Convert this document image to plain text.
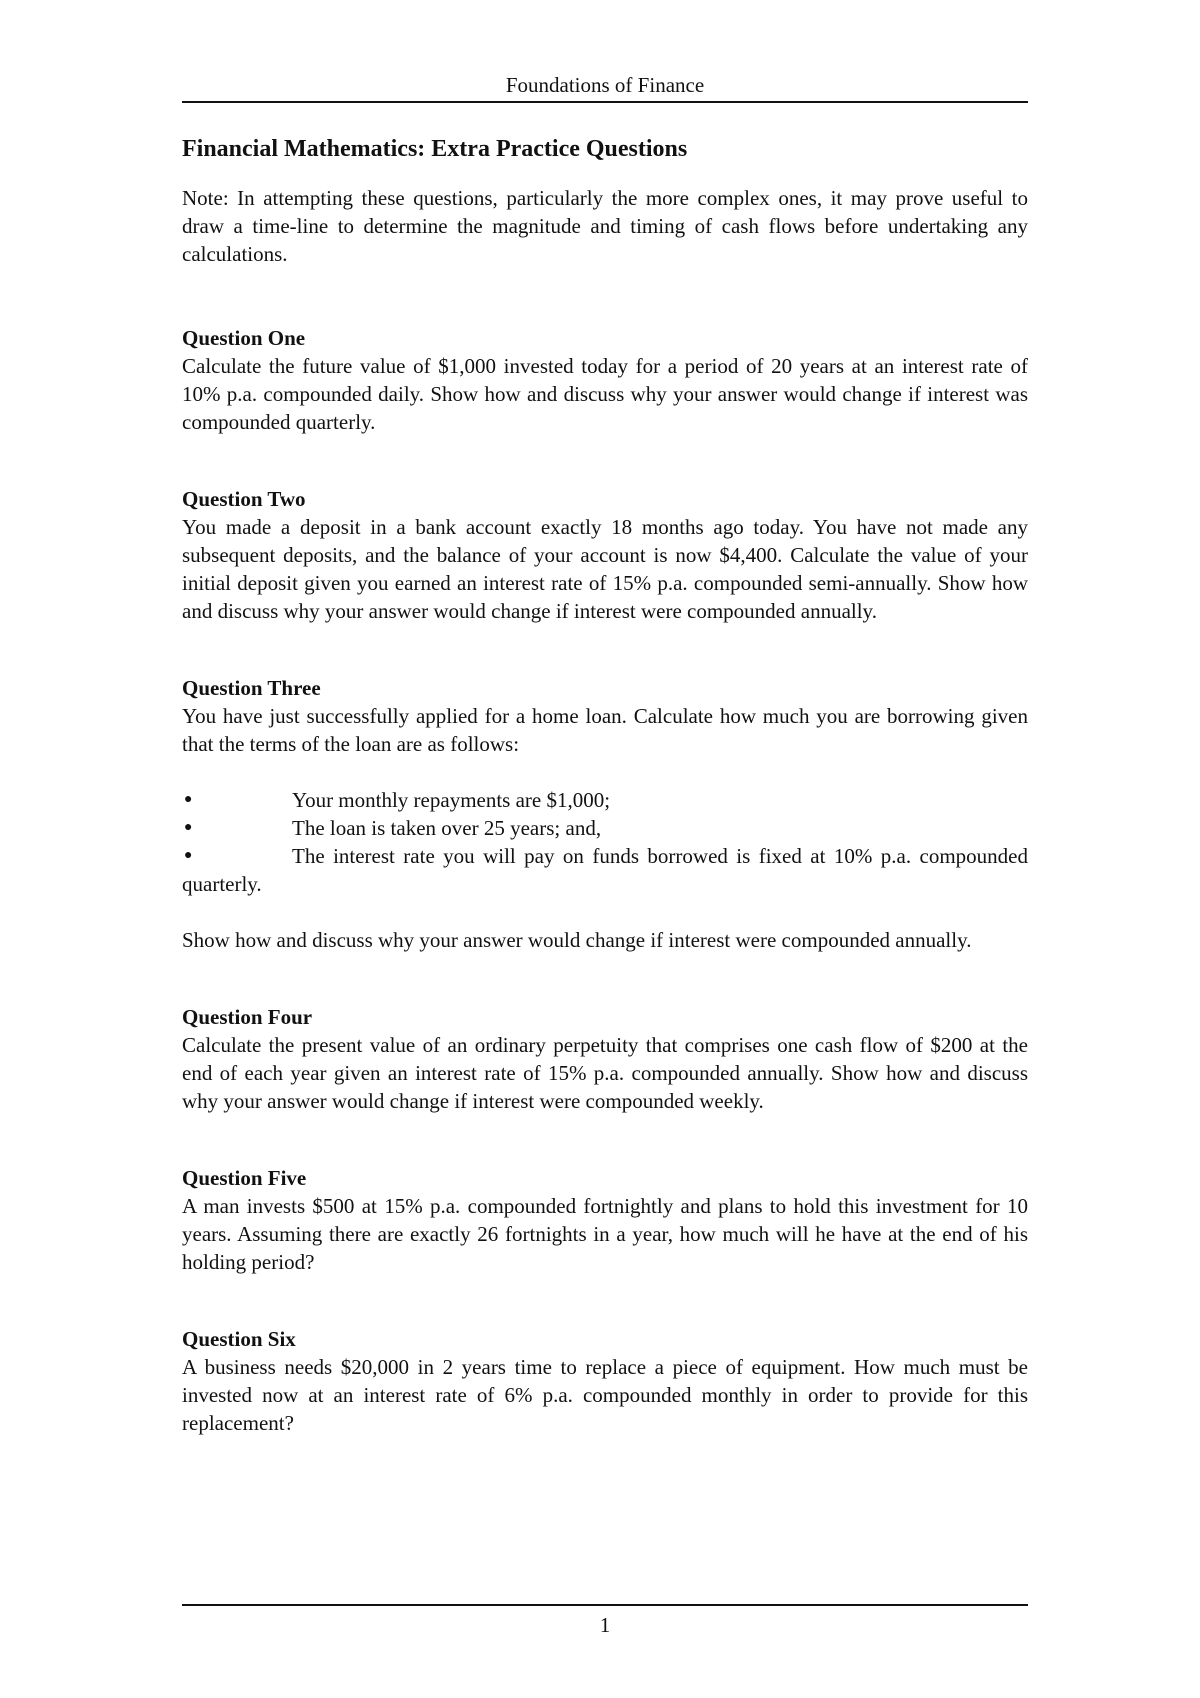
Foundations of Finance
Financial Mathematics: Extra Practice Questions

Note: In attempting these questions, particularly the more complex ones, it may prove useful to draw a time-line to determine the magnitude and timing of cash flows before undertaking any calculations.

Question One

Calculate the future value of $1,000 invested today for a period of 20 years at an interest rate of 10% p.a. compounded daily. Show how and discuss why your answer would change if interest was compounded quarterly.

Question Two

You made a deposit in a bank account exactly 18 months ago today. You have not made any subsequent deposits, and the balance of your account is now $4,400. Calculate the value of your initial deposit given you earned an interest rate of 15% p.a. compounded semi-annually. Show how and discuss why your answer would change if interest were compounded annually.

Question Three

You have just successfully applied for a home loan. Calculate how much you are borrowing given that the terms of the loan are as follows:

●	Your monthly repayments are $1,000;
●	The loan is taken over 25 years; and,
●	The interest rate you will pay on funds borrowed is fixed at 10% p.a. compounded quarterly.

Show how and discuss why your answer would change if interest were compounded annually.

Question Four

Calculate the present value of an ordinary perpetuity that comprises one cash flow of $200 at the end of each year given an interest rate of 15% p.a. compounded annually. Show how and discuss why your answer would change if interest were compounded weekly.

Question Five

A man invests $500 at 15% p.a. compounded fortnightly and plans to hold this investment for 10 years. Assuming there are exactly 26 fortnights in a year, how much will he have at the end of his holding period?

Question Six

A business needs $20,000 in 2 years time to replace a piece of equipment. How much must be invested now at an interest rate of 6% p.a. compounded monthly in order to provide for this replacement?

1
